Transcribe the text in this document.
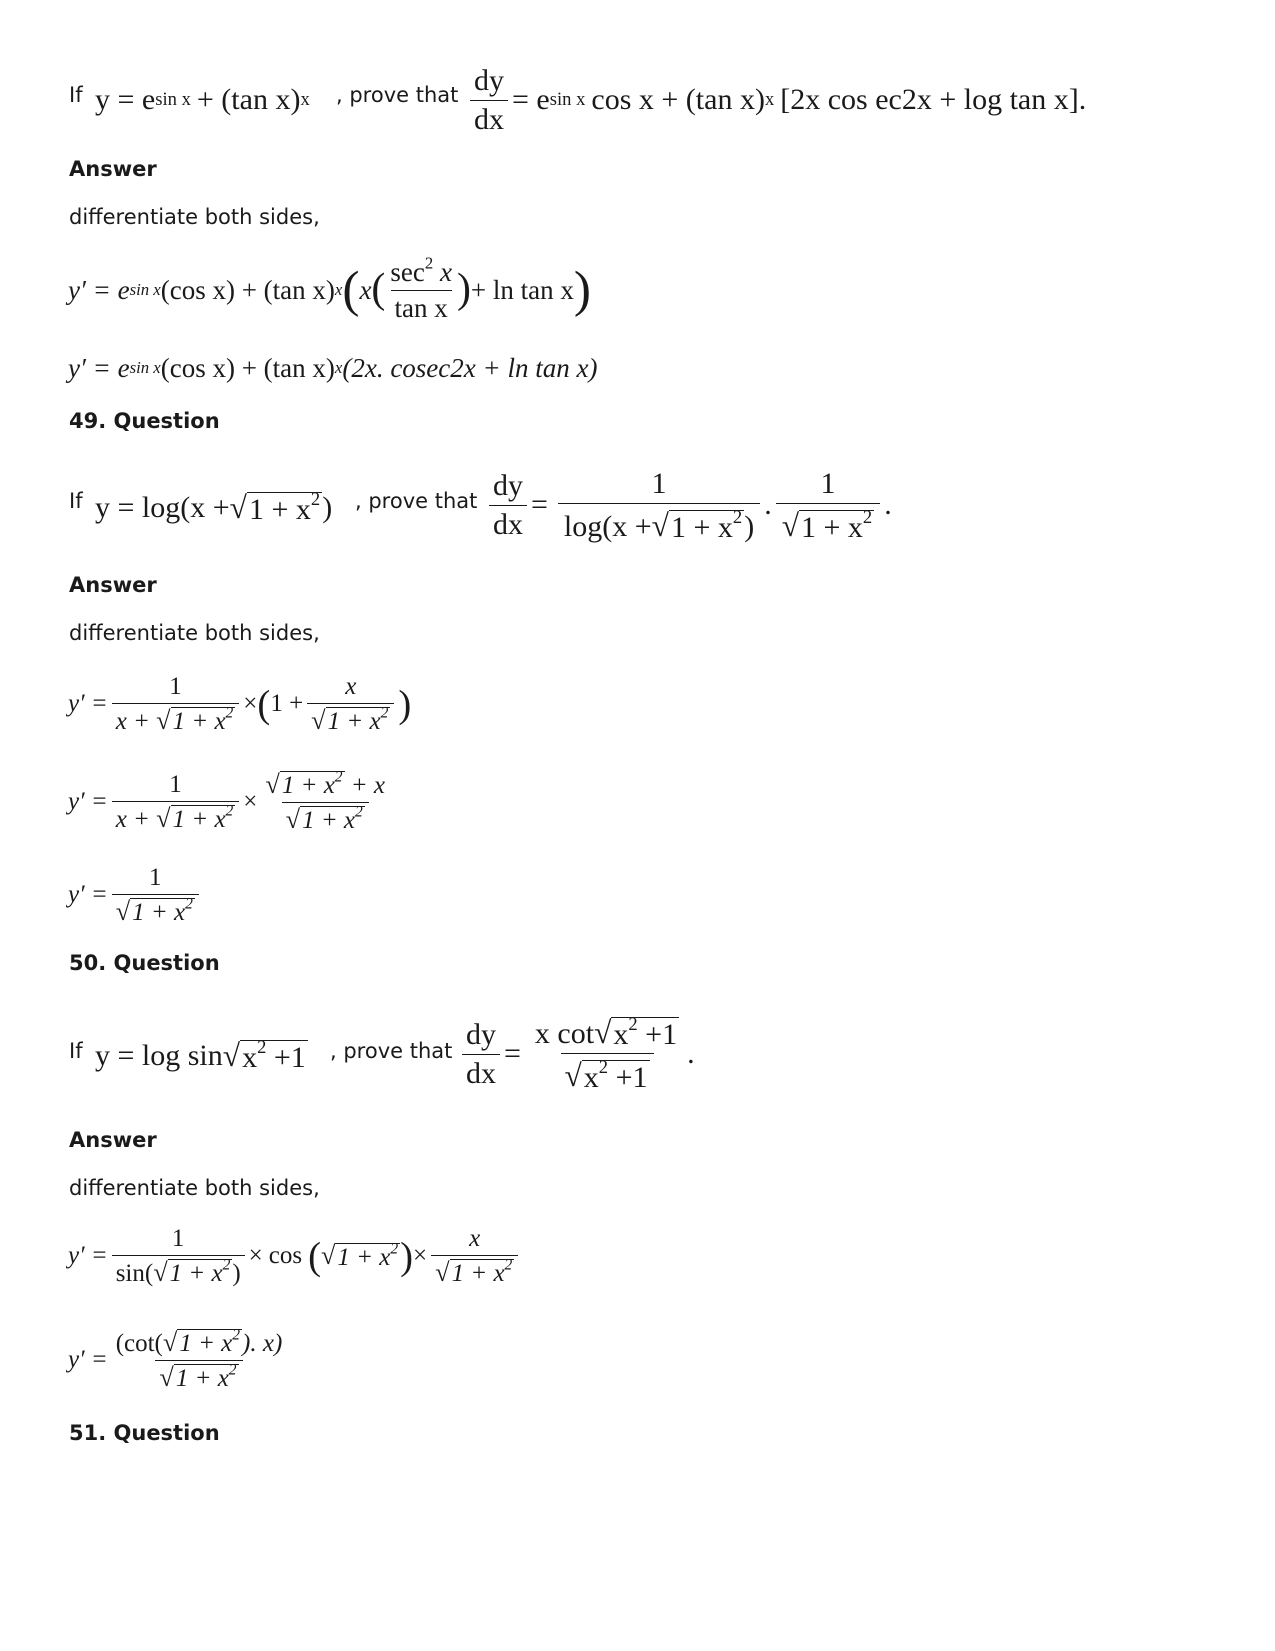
If y = e sin x + (tan x) x , prove that $\frac{dy}{dx} = e$ sin x cos x + (tan x) x [2x cos ec2x + log tan x].
Answer
differentiate both sides,
y′ = e sin x (cos x) + (tan x) x ( x ( $\frac{\sec^2 x}{\text{tan x}}$ ) + ln tan x )
y′ = e sin x (cos x) + (tan x) x (2x. cosec2x + ln tan x)
49. Question
If y = log(x + √ $1 + x^2$ ) , prove that $\frac{dy}{dx} = \frac{1}{\log(x + √ 1 + x^2 )}$ . $\frac{1}{√ 1 + x^2}$ .
Answer
differentiate both sides,
$y' = \frac{1}{x + √ 1 + x^2}$ × ( $1 + \frac{x}{√ 1 + x^2}$ )
$y' = \frac{1}{x + √ 1 + x^2} \times \frac{√ 1 + x^2 + x}{√ 1 + x^2}$
$y' = \frac{1}{√ 1 + x^2}$
50. Question
If y = log sin √ $x^2 +1$ , prove that $\frac{dy}{dx} = \frac{x \cot √ x^2 +1}{√ x^2 +1}$ .
Answer
differentiate both sides,
$y' = \frac{1}{\sin( √ 1 + x^2 )} \times \cos$ ( √ $1 + x^2$ ) × $\frac{x}{√ 1 + x^2}$
$y' = \frac{(\cot( √ 1 + x^2 ). x)}{√ 1 + x^2}$
51. Question
